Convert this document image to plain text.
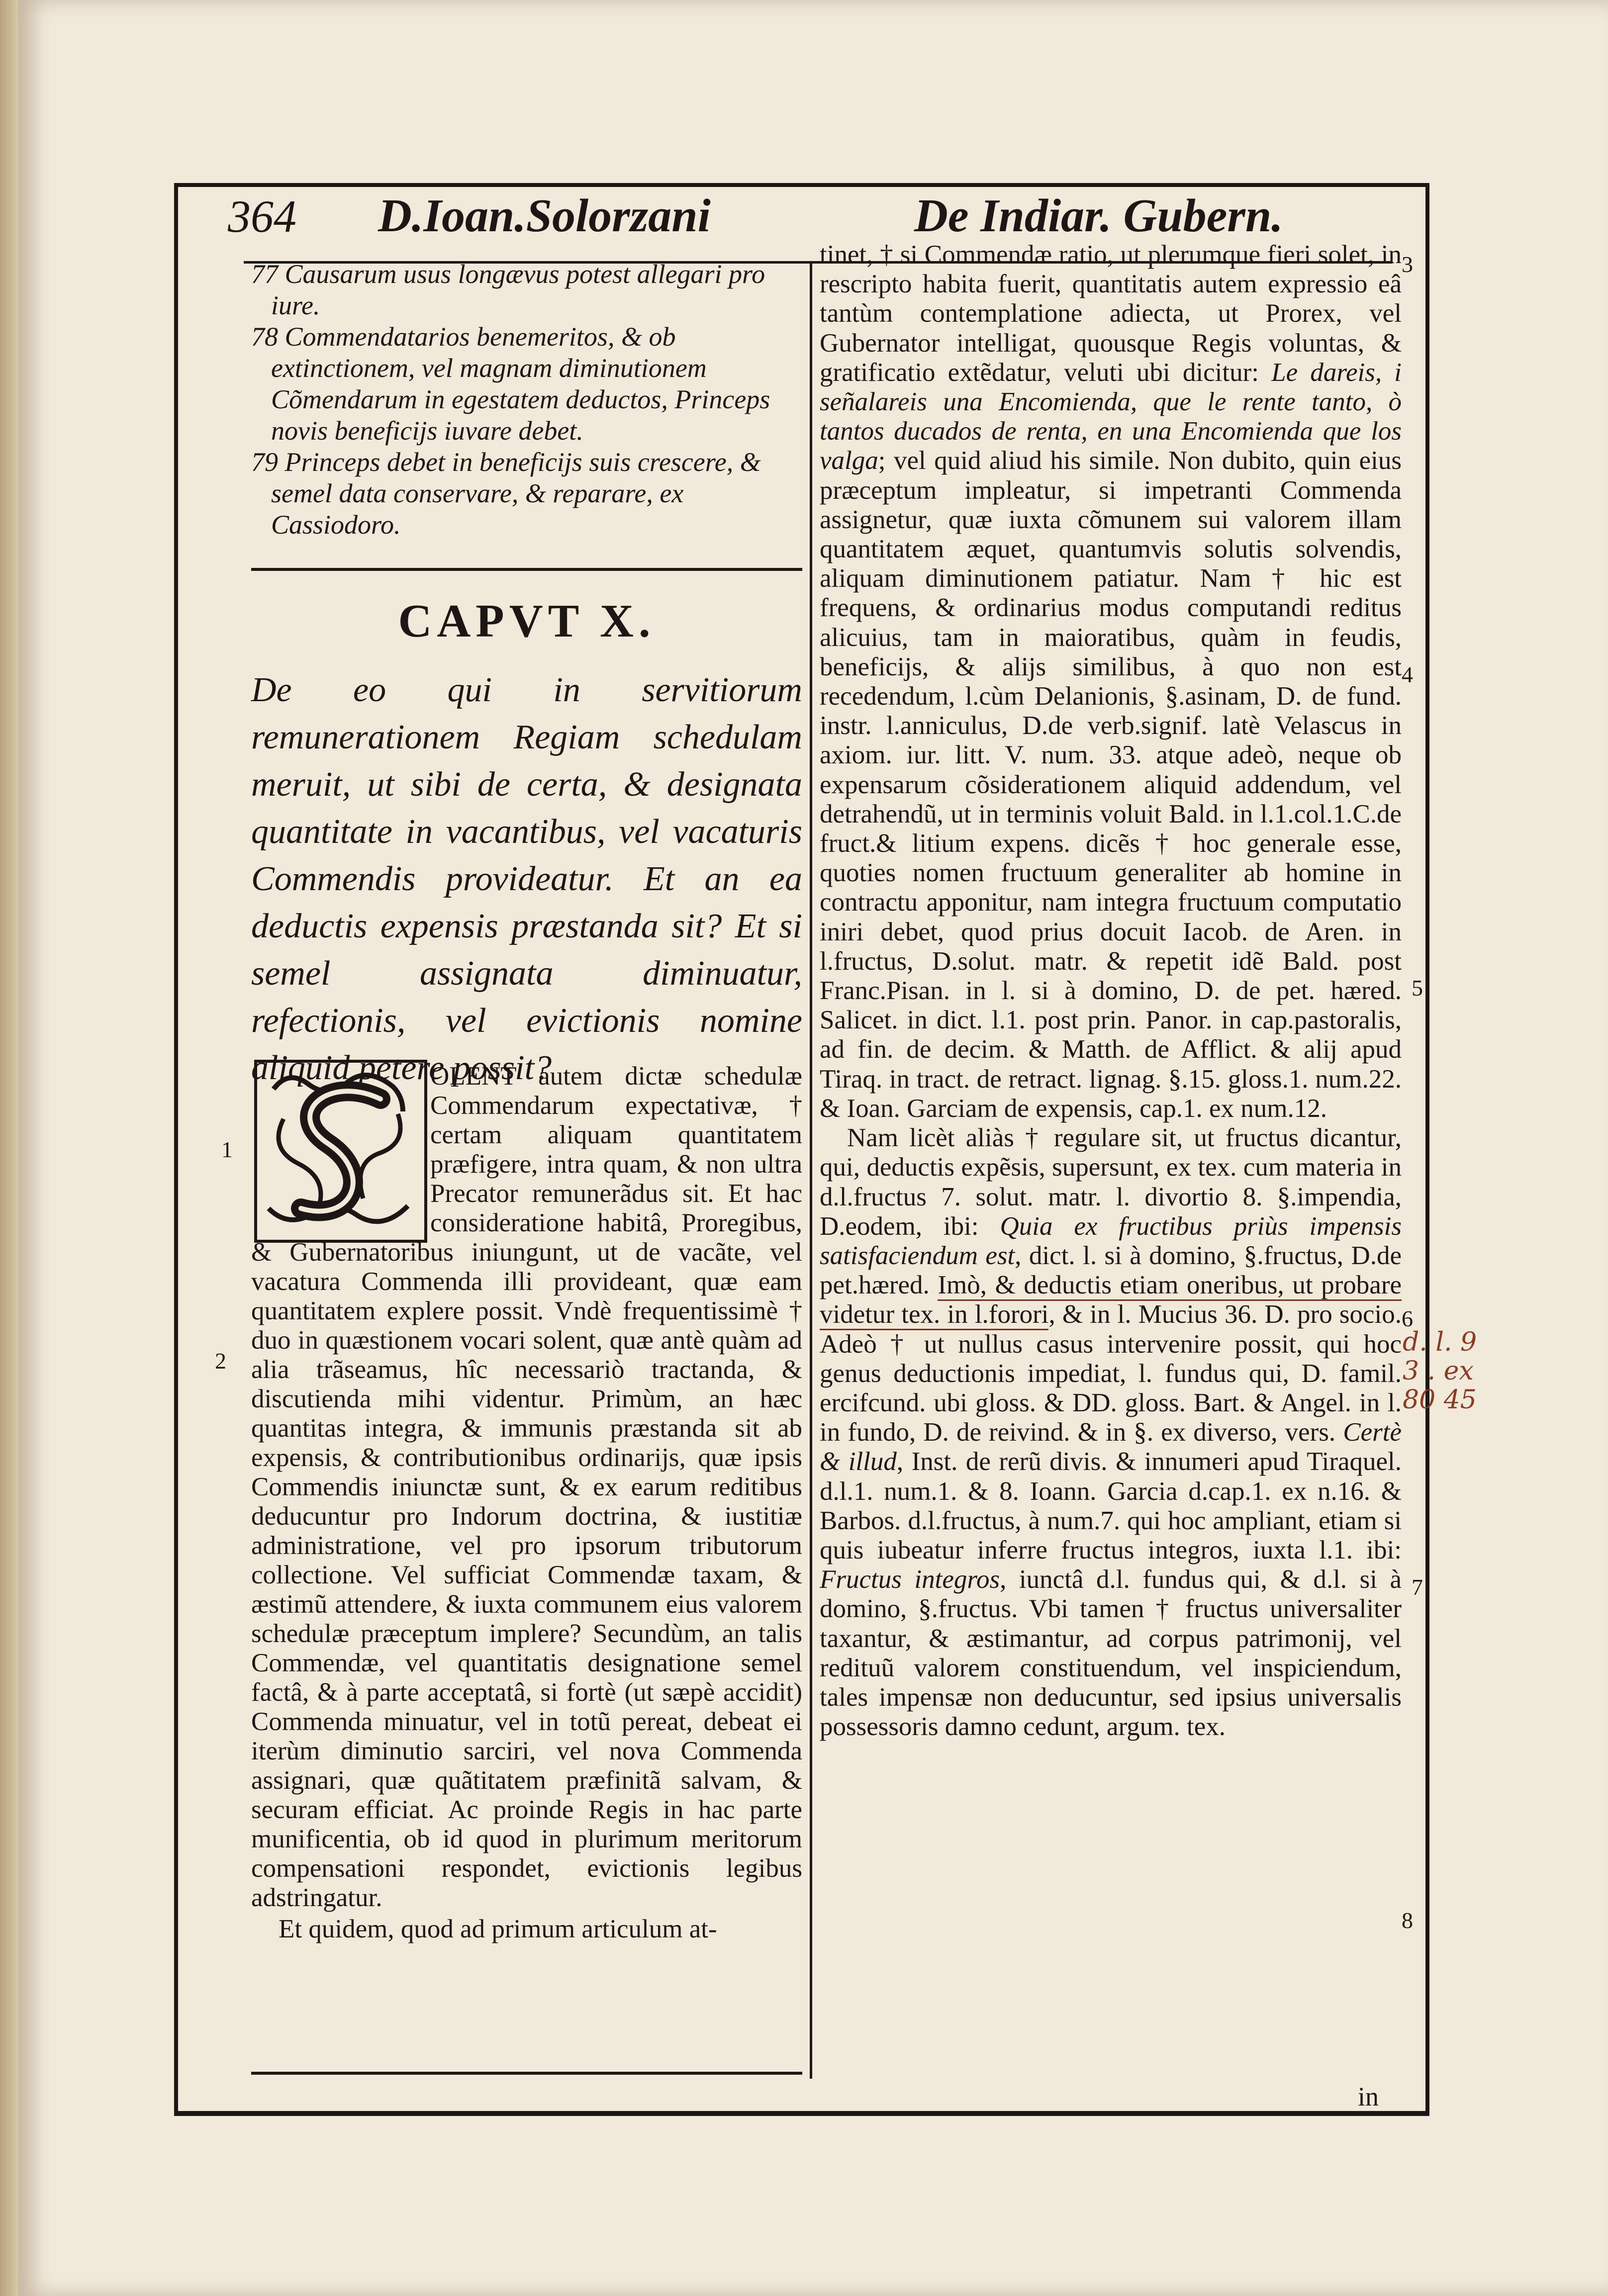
364 D.Ioan.Solorzani	De Indiar. Gubern.

77 Causarum usus longævus potest allegari pro iure.

78 Commendatarios benemeritos, & ob extinctionem, vel magnam diminutionem Cõmendarum in egestatem deductos, Princeps novis beneficijs iuvare debet.

79 Princeps debet in beneficijs suis crescere, & semel data conservare, & reparare, ex Cassiodoro.

CAPVT X.
De eo qui in servitiorum remunerationem Regiam schedulam meruit, ut sibi de certa, & designata quantitate in vacantibus, vel vacaturis Commendis provideatur. Et an ea deductis expensis præstanda sit? Et si semel assignata diminuatur, refectionis, vel evictionis nomine aliquid petere possit?

OLENT autem dictæ schedulæ Commendarum expectativæ, † certam aliquam quantitatem præfigere, intra quam, & non ultra Precator remunerãdus sit. Et hac consideratione habitâ, Proregibus, & Gubernatoribus iniungunt, ut de vacãte, vel vacatura Commenda illi provideant, quæ eam quantitatem explere possit. Vndè frequentissimè † duo in quæstionem vocari solent, quæ antè quàm ad alia trãseamus, hîc necessariò tractanda, & discutienda mihi videntur. Primùm, an hæc quantitas integra, & immunis præstanda sit ab expensis, & contributionibus ordinarijs, quæ ipsis Commendis iniunctæ sunt, & ex earum reditibus deducuntur pro Indorum doctrina, & iustitiæ administratione, vel pro ipsorum tributorum collectione. Vel sufficiat Commendæ taxam, & æstimũ attendere, & iuxta communem eius valorem schedulæ præceptum implere? Secundùm, an talis Commendæ, vel quantitatis designatione semel factâ, & à parte acceptatâ, si fortè (ut sæpè accidit) Commenda minuatur, vel in totũ pereat, debeat ei iterùm diminutio sarciri, vel nova Commenda assignari, quæ quãtitatem præfinitã salvam, & securam efficiat. Ac proinde Regis in hac parte munificentia, ob id quod in plurimum meritorum compensationi respondet, evictionis legibus adstringatur.

Et quidem, quod ad primum articulum at-

tinet, † si Commendæ ratio, ut plerumque fieri solet, in rescripto habita fuerit, quantitatis autem expressio eâ tantùm contemplatione adiecta, ut Prorex, vel Gubernator intelligat, quousque Regis voluntas, & gratificatio extẽdatur, veluti ubi dicitur: Le dareis, i señalareis una Encomienda, que le rente tanto, ò tantos ducados de renta, en una Encomienda que los valga; vel quid aliud his simile. Non dubito, quin eius præceptum impleatur, si impetranti Commenda assignetur, quæ iuxta cõmunem sui valorem illam quantitatem æquet, quantumvis solutis solvendis, aliquam diminutionem patiatur. Nam † hic est frequens, & ordinarius modus computandi reditus alicuius, tam in maioratibus, quàm in feudis, beneficijs, & alijs similibus, à quo non est recedendum, l.cùm Delanionis, §.asinam, D. de fund. instr. l.anniculus, D.de verb.signif. latè Velascus in axiom. iur. litt. V. num. 33. atque adeò, neque ob expensarum cõsiderationem aliquid addendum, vel detrahendũ, ut in terminis voluit Bald. in l.1.col.1.C.de fruct.& litium expens. dicẽs † hoc generale esse, quoties nomen fructuum generaliter ab homine in contractu apponitur, nam integra fructuum computatio iniri debet, quod prius docuit Iacob. de Aren. in l.fructus, D.solut. matr. & repetit idẽ Bald. post Franc.Pisan. in l. si à domino, D. de pet. hæred. Salicet. in dict. l.1. post prin. Panor. in cap.pastoralis, ad fin. de decim. & Matth. de Afflict. & alij apud Tiraq. in tract. de retract. lignag. §.15. gloss.1. num.22. & Ioan. Garciam de expensis, cap.1. ex num.12.

Nam licèt aliàs † regulare sit, ut fructus dicantur, qui, deductis expẽsis, supersunt, ex tex. cum materia in d.l.fructus 7. solut. matr. l. divortio 8. §.impendia, D.eodem, ibi: Quia ex fructibus priùs impensis satisfaciendum est, dict. l. si à domino, §.fructus, D.de pet.hæred. Imò, & deductis etiam oneribus, ut probare videtur tex. in l.forori, & in l. Mucius 36. D. pro socio. Adeò † ut nullus casus intervenire possit, qui hoc genus deductionis impediat, l. fundus qui, D. famil. ercifcund. ubi gloss. & DD. gloss. Bart. & Angel. in l. in fundo, D. de reivind. & in §. ex diverso, vers. Certè & illud, Inst. de rerũ divis. & innumeri apud Tiraquel. d.l.1. num.1. & 8. Ioann. Garcia d.cap.1. ex n.16. & Barbos. d.l.fructus, à num.7. qui hoc ampliant, etiam si quis iubeatur inferre fructus integros, iuxta l.1. ibi: Fructus integros, iunctâ d.l. fundus qui, & d.l. si à domino, §.fructus. Vbi tamen † fructus universaliter taxantur, & æstimantur, ad corpus patrimonij, vel redituũ valorem constituendum, vel inspiciendum, tales impensæ non deducuntur, sed ipsius universalis possessoris damno cedunt, argum. tex.

3
4
5
6
7
8
1
2
in
d. l. 9 3 . ex 80 45
